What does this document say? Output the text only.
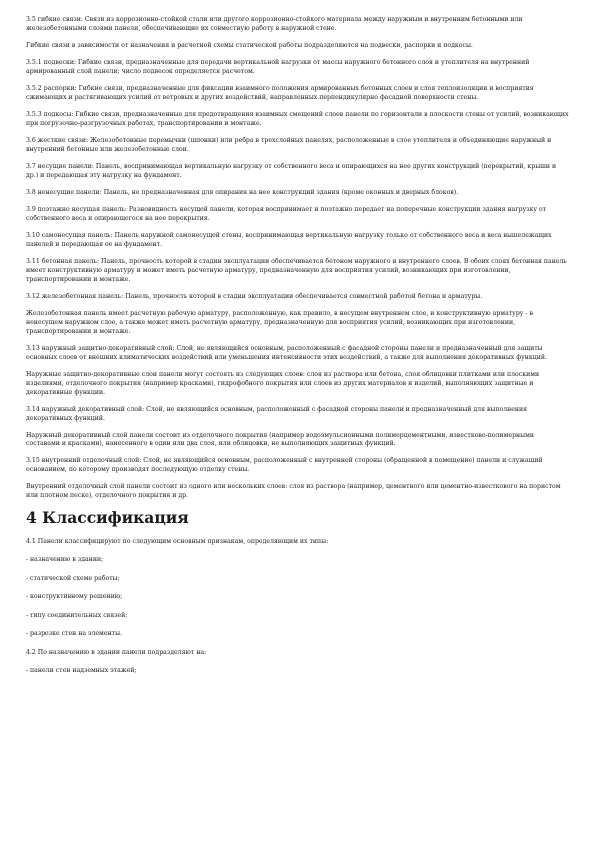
3.5 гибкие связи: Связи из коррозионно-стойкой стали или другого коррозионно-стойкого материала между наружным и внутренним бетонными или железобетонными слоями панели, обеспечивающие их совместную работу в наружной стене.

Гибкие связи в зависимости от назначения и расчетной схемы статической работы подразделяются на подвески, распорки и подкосы.

3.5.1 подвески: Гибкие связи, предназначенные для передачи вертикальной нагрузки от массы наружного бетонного слоя и утеплителя на внутренний армированный слой панели; число подвесок определяется расчетом.

3.5.2 распорки: Гибкие связи, предназначенные для фиксации взаимного положения армированных бетонных слоев и слоя теплоизоляции и восприятия сжимающих и растягивающих усилий от ветровых и других воздействий, направленных перпендикулярно фасадной поверхности стены.

3.5.3 подкосы: Гибкие связи, предназначенные для предотвращения взаимных смещений слоев панели по горизонтали в плоскости стены от усилий, возникающих при погрузочно-разгрузочных работах, транспортировании и монтаже.

3.6 жесткие связи: Железобетонные перемычки (шпонки) или ребра в трехслойных панелях, расположенные в слое утеплителя и объединяющие наружный и внутренний бетонные или железобетонные слои.

3.7 несущие панели: Панель, воспринимающая вертикальную нагрузку от собственного веса и опирающихся на нее других конструкций (перекрытий, крыши и др.) и передающая эту нагрузку на фундамент.

3.8 ненесущие панели: Панель, не предназначенная для опирания на нее конструкций здания (кроме оконных и дверных блоков).

3.9 поэтажно несущая панель: Разновидность несущей панели, которая воспринимает и поэтажно передает на поперечные конструкции здания нагрузку от собственного веса и опирающегося на нее перекрытия.

3.10 самонесущая панель: Панель наружной самонесущей стены, воспринимающая вертикальную нагрузку только от собственного веса и веса вышележащих панелей и передающая ее на фундамент.

3.11 бетонная панель: Панель, прочность которой в стадии эксплуатации обеспечивается бетоном наружного и внутреннего слоев. В обоих слоях бетонная панель имеет конструктивную арматуру и может иметь расчетную арматуру, предназначенную для восприятия усилий, возникающих при изготовлении, транспортировании и монтаже.

3.12 железобетонная панель: Панель, прочность которой в стадии эксплуатации обеспечивается совместной работой бетона и арматуры.

Железобетонная панель имеет расчетную рабочую арматуру, расположенную, как правило, в несущем внутреннем слое, и конструктивную арматуру - в ненесущем наружном слое, а также может иметь расчетную арматуру, предназначенную для восприятия усилий, возникающих при изготовлении, транспортировании и монтаже.

3.13 наружный защитно-декоративный слой: Слой, не являющийся основным, расположенный с фасадной стороны панели и предназначенный для защиты основных слоев от внешних климатических воздействий или уменьшения интенсивности этих воздействий, а также для выполнения декоративных функций.

Наружные защитно-декоративные слои панели могут состоять из следующих слоев: слоя из раствора или бетона, слоя облицовки плитками или плоскими изделиями, отделочного покрытия (например красками), гидрофобного покрытия или слоев из других материалов и изделий, выполняющих защитные и декоративные функции.

3.14 наружный декоративный слой: Слой, не являющийся основным, расположенный с фасадной стороны панели и предназначенный для выполнения декоративных функций.

Наружный декоративный слой панели состоит из отделочного покрытия (например водоэмульсионными полимерцементными, известково-полимерными составами и красками), нанесенного в один или два слоя, или облицовки, не выполняющих защитных функций.

3.15 внутренний отделочный слой: Слой, не являющийся основным, расположенный с внутренней стороны (обращенной в помещение) панели и служащий основанием, по которому производят последующую отделку стены.

Внутренний отделочный слой панели состоит из одного или нескольких слоев: слоя из раствора (например, цементного или цементно-известкового на пористом или плотном песке), отделочного покрытия и др.

4 Классификация

4.1 Панели классифицируют по следующим основным признакам, определяющим их типы:

- назначению в здании;

- статической схеме работы;

- конструктивному решению;

- типу соединительных связей;

- разрезке стен на элементы.

4.2 По назначению в здании панели подразделяют на:

- панели стен надземных этажей;
